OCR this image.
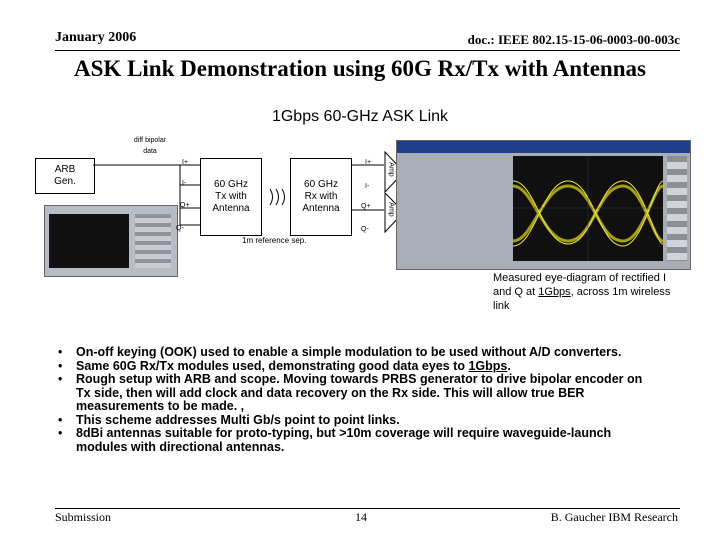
January 2006	doc.: IEEE 802.15-15-06-0003-00-003c
ASK Link Demonstration using 60G Rx/Tx with Antennas
1Gbps 60-GHz ASK Link
diff bipolar
data
ARB
Gen.
I+
I-
Q+
Q-
60 GHz
Tx with
Antenna
60 GHz
Rx with
Antenna
I+
I-
Q+
Q-
Amp
Amp
1m reference sep.
Measured eye-diagram of rectified I
and Q at 1Gbps, across 1m wireless
link
• On-off keying (OOK) used to enable a simple modulation to be used without A/D converters.
• Same 60G Rx/Tx modules used, demonstrating good data eyes to 1Gbps.
• Rough setup with ARB and scope. Moving towards PRBS generator to drive bipolar encoder on Tx side, then will add clock and data recovery on the Rx side. This will allow true BER measurements to be made. ,
• This scheme addresses Multi Gb/s point to point links.
• 8dBi antennas suitable for proto-typing, but >10m coverage will require waveguide-launch modules with directional antennas.
Submission	14	B. Gaucher IBM Research
